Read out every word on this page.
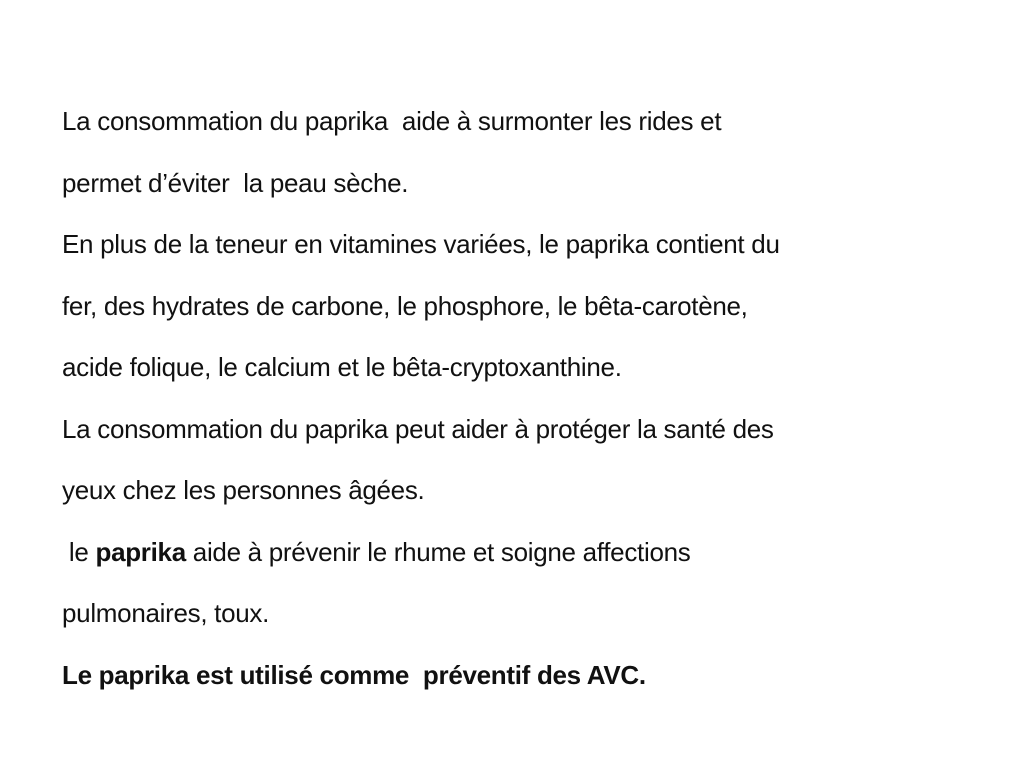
La consommation du paprika  aide à surmonter les rides et
permet d’éviter  la peau sèche.
En plus de la teneur en vitamines variées, le paprika contient du
fer, des hydrates de carbone, le phosphore, le bêta-carotène,
acide folique, le calcium et le bêta-cryptoxanthine.
La consommation du paprika peut aider à protéger la santé des
yeux chez les personnes âgées.
le paprika aide à prévenir le rhume et soigne affections
pulmonaires, toux.
Le paprika est utilisé comme  préventif des AVC.
